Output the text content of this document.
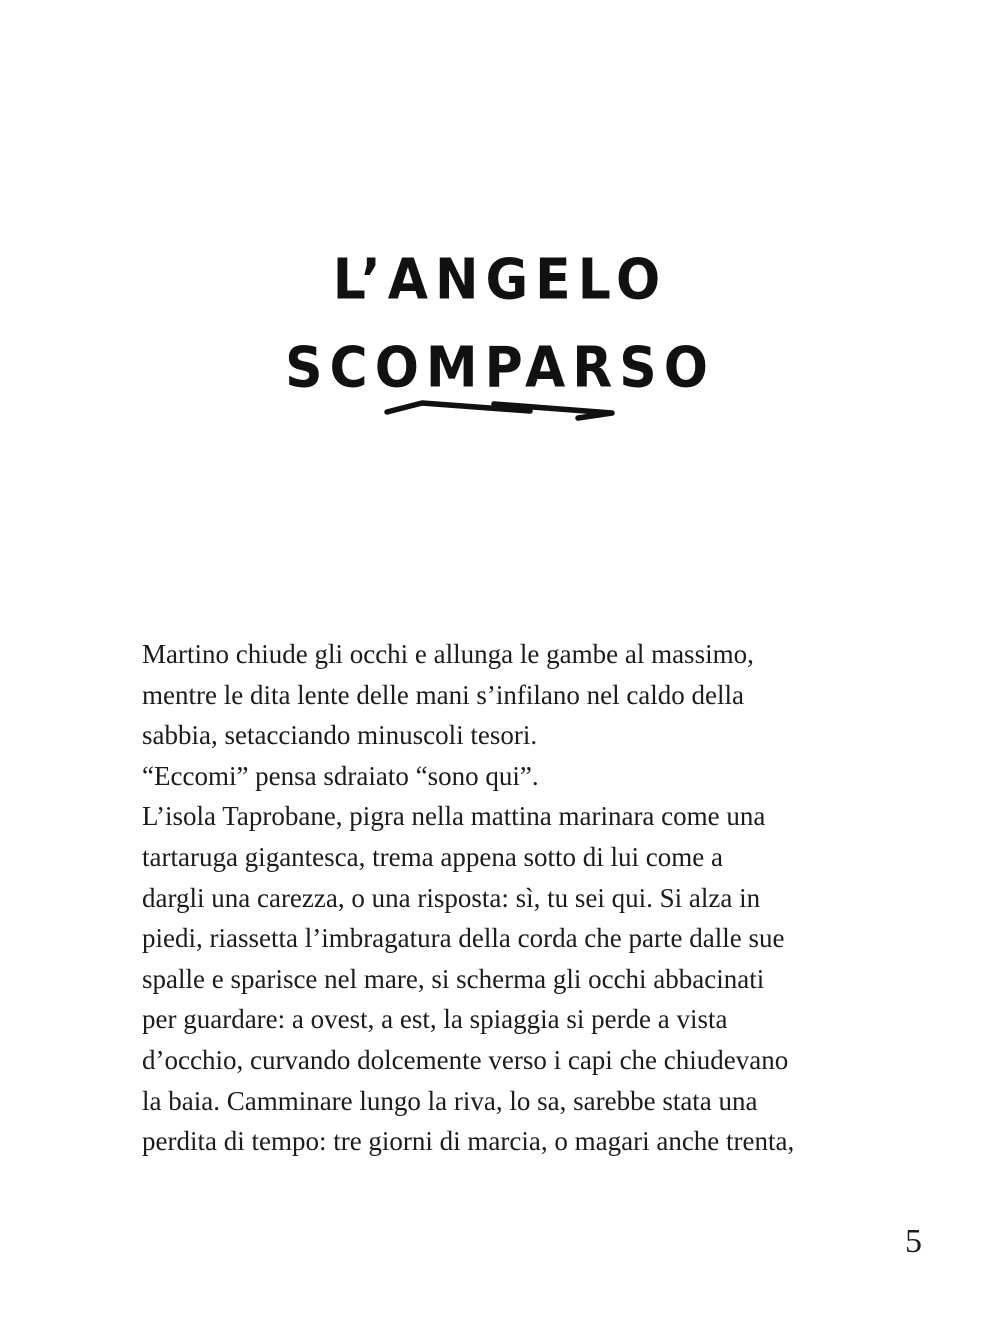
L’ANGELO
SCOMPARSO
Martino chiude gli occhi e allunga le gambe al massimo,
mentre le dita lente delle mani s’infilano nel caldo della
sabbia, setacciando minuscoli tesori.
“Eccomi” pensa sdraiato “sono qui”.
L’isola Taprobane, pigra nella mattina marinara come una
tartaruga gigantesca, trema appena sotto di lui come a
dargli una carezza, o una risposta: sì, tu sei qui. Si alza in
piedi, riassetta l’imbragatura della corda che parte dalle sue
spalle e sparisce nel mare, si scherma gli occhi abbacinati
per guardare: a ovest, a est, la spiaggia si perde a vista
d’occhio, curvando dolcemente verso i capi che chiudevano
la baia. Camminare lungo la riva, lo sa, sarebbe stata una
perdita di tempo: tre giorni di marcia, o magari anche trenta,
5
